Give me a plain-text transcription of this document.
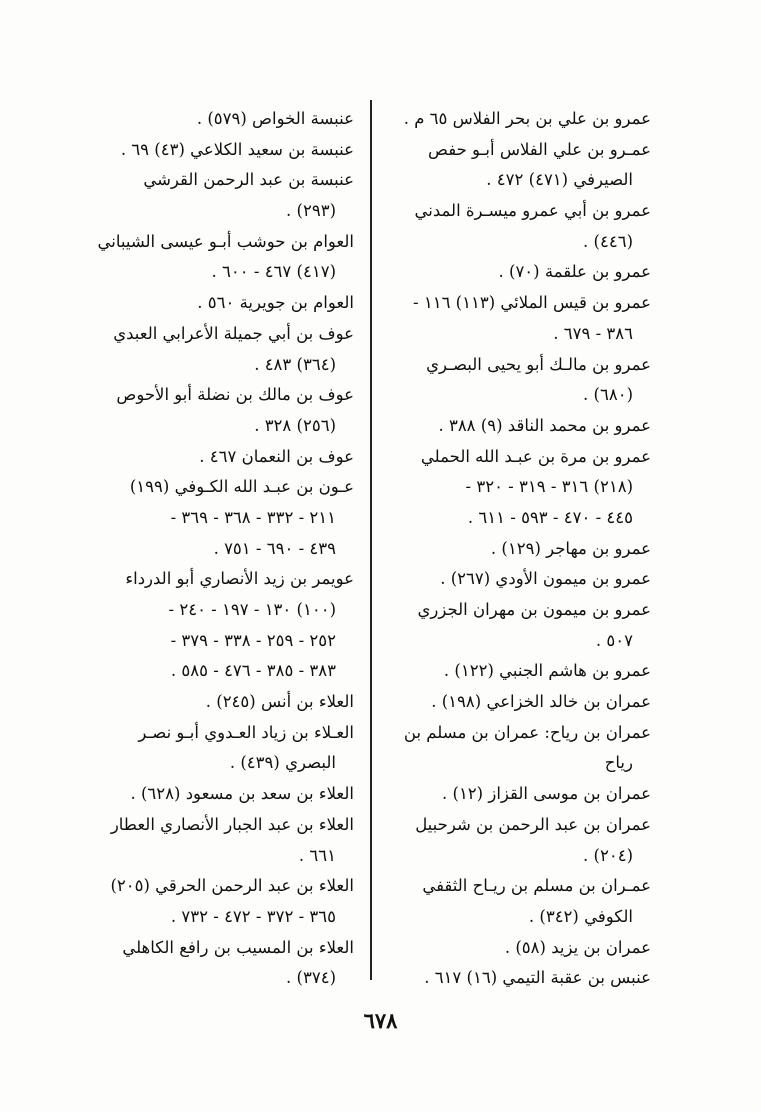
عمرو بن علي بن بحر الفلاس ٦٥ م .
عمـرو بن علي الفلاس أبـو حفص
الصيرفي (٤٧١) ٤٧٢ .
عمرو بن أبي عمرو ميسـرة المدني
(٤٤٦) .
عمرو بن علقمة (٧٠) .
عمرو بن قيس الملائي (١١٣) ١١٦ -
٣٨٦ - ٦٧٩ .
عمرو بن مالـك أبو يحيى البصـري
(٦٨٠) .
عمرو بن محمد الناقد (٩) ٣٨٨ .
عمرو بن مرة بن عبـد الله الحملي
(٢١٨) ٣١٦ - ٣١٩ - ٣٢٠ -
٤٤٥ - ٤٧٠ - ٥٩٣ - ٦١١ .
عمرو بن مهاجر (١٢٩) .
عمرو بن ميمون الأودي (٢٦٧) .
عمرو بن ميمون بن مهران الجزري
٥٠٧ .
عمرو بن هاشم الجنبي (١٢٢) .
عمران بن خالد الخزاعي (١٩٨) .
عمران بن رياح: عمران بن مسلم بن
رياح
عمران بن موسى القزاز (١٢) .
عمران بن عبد الرحمن بن شرحبيل
(٢٠٤) .
عمـران بن مسلم بن ريـاح الثقفي
الكوفي (٣٤٢) .
عمران بن يزيد (٥٨) .
عنبس بن عقبة التيمي (١٦) ٦١٧ .
عنبسة الخواص (٥٧٩) .
عنبسة بن سعيد الكلاعي (٤٣) ٦٩ .
عنبسة بن عبد الرحمن القرشي
(٢٩٣) .
العوام بن حوشب أبـو عيسى الشيباني
(٤١٧) ٤٦٧ - ٦٠٠ .
العوام بن جويرية ٥٦٠ .
عوف بن أبي جميلة الأعرابي العبدي
(٣٦٤) ٤٨٣ .
عوف بن مالك بن نضلة أبو الأحوص
(٢٥٦) ٣٢٨ .
عوف بن النعمان ٤٦٧ .
عـون بن عبـد الله الكـوفي (١٩٩)
٢١١ - ٣٣٢ - ٣٦٨ - ٣٦٩ -
٤٣٩ - ٦٩٠ - ٧٥١ .
عويمر بن زيد الأنصاري أبو الدرداء
(١٠٠) ١٣٠ - ١٩٧ - ٢٤٠ -
٢٥٢ - ٢٥٩ - ٣٣٨ - ٣٧٩ -
٣٨٣ - ٣٨٥ - ٤٧٦ - ٥٨٥ .
العلاء بن أنس (٢٤٥) .
العـلاء بن زياد العـدوي أبـو نصـر
البصري (٤٣٩) .
العلاء بن سعد بن مسعود (٦٢٨) .
العلاء بن عبد الجبار الأنصاري العطار
٦٦١ .
العلاء بن عبد الرحمن الحرقي (٢٠٥)
٣٦٥ - ٣٧٢ - ٤٧٢ - ٧٣٢ .
العلاء بن المسيب بن رافع الكاهلي
(٣٧٤) .
٦٧٨
